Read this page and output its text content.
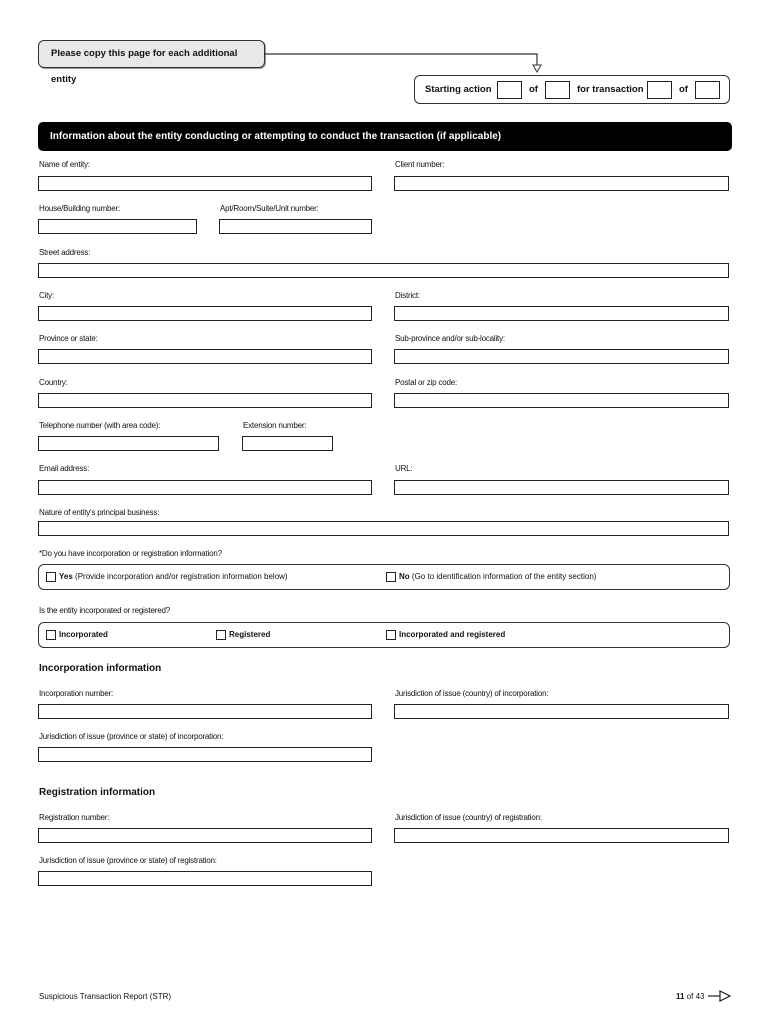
Please copy this page for each additional entity
Starting action	of	for transaction	of
Information about the entity conducting or attempting to conduct the transaction (if applicable)
Name of entity:	Client number:
House/Building number:	Apt/Room/Suite/Unit number:
Street address:
City:	District:
Province or state:	Sub-province and/or sub-locality:
Country:	Postal or zip code:
Telephone number (with area code):	Extension number:
Email address:	URL:
Nature of entity's principal business:
*Do you have incorporation or registration information?
Yes (Provide incorporation and/or registration information below)	No (Go to identification information of the entity section)
Is the entity incorporated or registered?
Incorporated	Registered	Incorporated and registered
Incorporation information
Incorporation number:	Jurisdiction of issue (country) of incorporation:
Jurisdiction of issue (province or state) of incorporation:
Registration information
Registration number:	Jurisdiction of issue (country) of registration:
Jurisdiction of issue (province or state) of registration:
Suspicious Transaction Report (STR)	11 of 43
